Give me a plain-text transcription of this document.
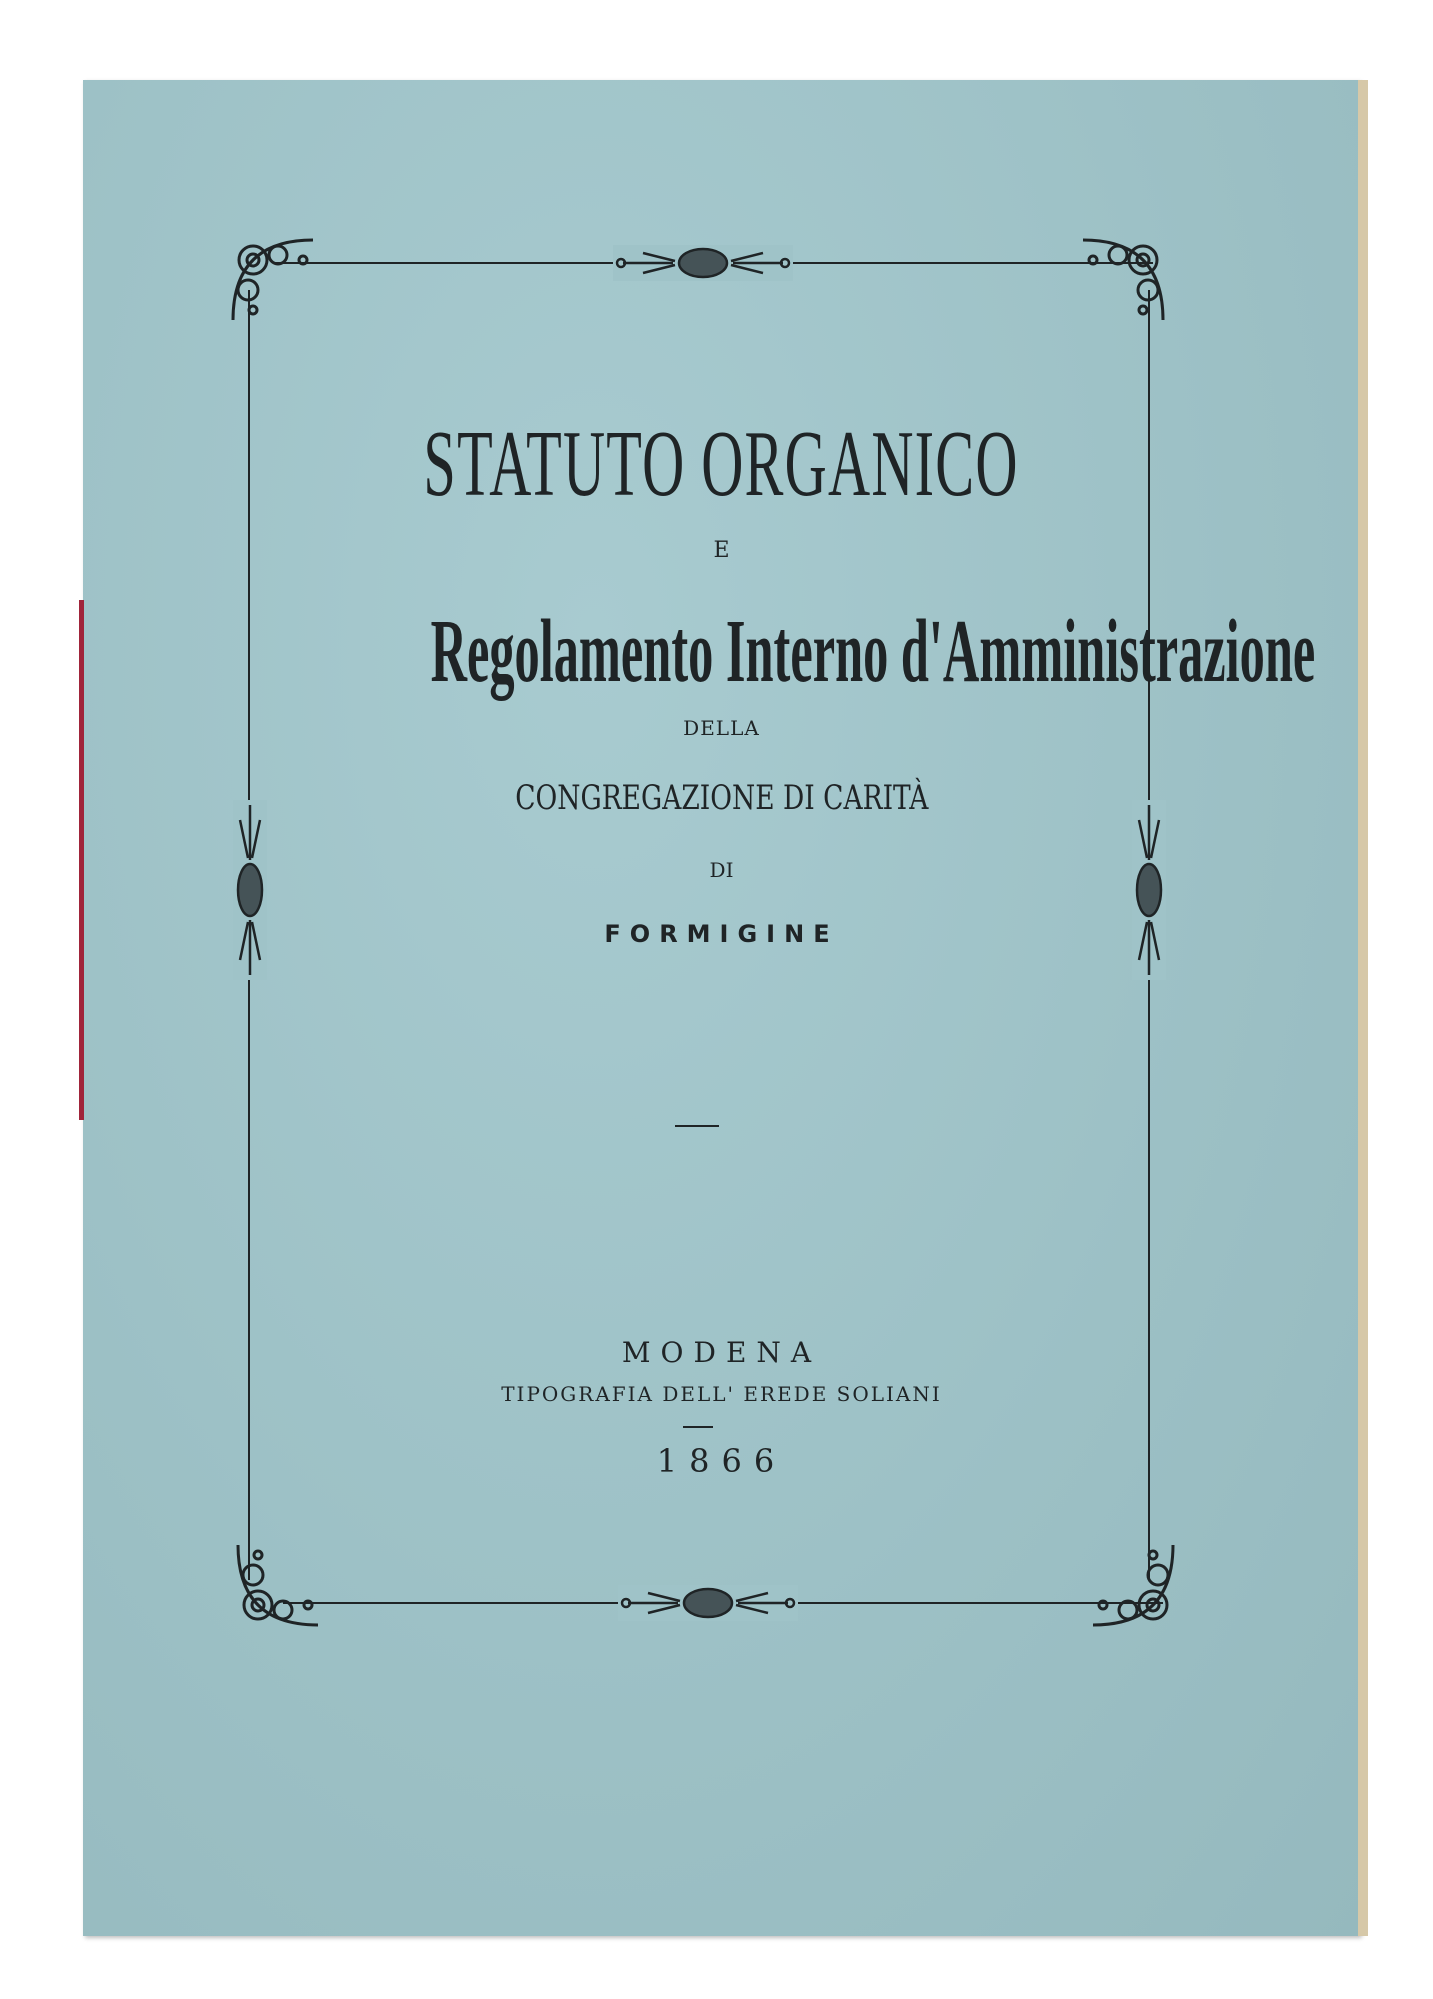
STATUTO ORGANICO
E
Regolamento Interno d'Amministrazione
DELLA
CONGREGAZIONE DI CARITÀ
DI
FORMIGINE
MODENA
TIPOGRAFIA DELL' EREDE SOLIANI
1866
